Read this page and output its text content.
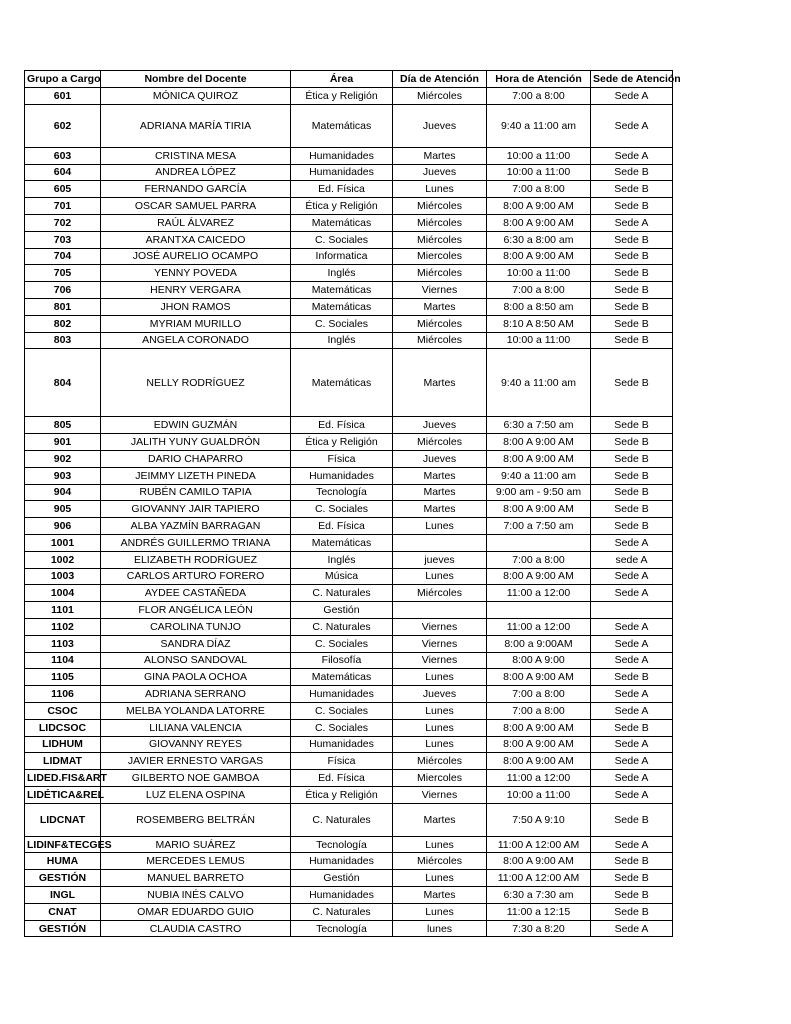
Grupo a Cargo	Nombre del Docente	Área	Día de Atención	Hora de Atención	Sede de Atención
601	MÓNICA QUIROZ	Ética y Religión	Miércoles	7:00 a 8:00	Sede A
602	ADRIANA MARÍA TIRIA	Matemáticas	Jueves	9:40 a 11:00 am	Sede A
603	CRISTINA MESA	Humanidades	Martes	10:00 a 11:00	Sede A
604	ANDREA LÓPEZ	Humanidades	Jueves	10:00 a 11:00	Sede B
605	FERNANDO GARCÍA	Ed. Física	Lunes	7:00 a 8:00	Sede B
701	OSCAR SAMUEL PARRA	Ética y Religión	Miércoles	8:00 A 9:00 AM	Sede B
702	RAÚL ÁLVAREZ	Matemáticas	Miércoles	8:00 A 9:00 AM	Sede A
703	ARANTXA CAICEDO	C. Sociales	Miércoles	6:30 a 8:00 am	Sede B
704	JOSÉ AURELIO OCAMPO	Informatica	Miercoles	8:00 A 9:00 AM	Sede B
705	YENNY POVEDA	Inglés	Miércoles	10:00 a 11:00	Sede B
706	HENRY VERGARA	Matemáticas	Viernes	7:00 a 8:00	Sede B
801	JHON RAMOS	Matemáticas	Martes	8:00 a 8:50 am	Sede B
802	MYRIAM MURILLO	C. Sociales	Miércoles	8:10 A 8:50 AM	Sede B
803	ANGELA CORONADO	Inglés	Miércoles	10:00 a 11:00	Sede B
804	NELLY RODRÍGUEZ	Matemáticas	Martes	9:40 a 11:00 am	Sede B
805	EDWIN GUZMÁN	Ed. Física	Jueves	6:30 a 7:50 am	Sede B
901	JALITH YUNY GUALDRÓN	Ética y Religión	Miércoles	8:00 A 9:00 AM	Sede B
902	DARIO CHAPARRO	Física	Jueves	8:00 A 9:00 AM	Sede B
903	JEIMMY LIZETH PINEDA	Humanidades	Martes	9:40 a 11:00 am	Sede B
904	RUBÉN CAMILO TAPIA	Tecnología	Martes	9:00 am - 9:50 am	Sede B
905	GIOVANNY JAIR TAPIERO	C. Sociales	Martes	8:00 A 9:00 AM	Sede B
906	ALBA YAZMÍN BARRAGAN	Ed. Física	Lunes	7:00 a 7:50 am	Sede B
1001	ANDRÉS GUILLERMO TRIANA	Matemáticas			Sede A
1002	ELIZABETH RODRÍGUEZ	Inglés	jueves	7:00 a 8:00	sede A
1003	CARLOS ARTURO FORERO	Música	Lunes	8:00 A 9:00 AM	Sede A
1004	AYDEE CASTAÑEDA	C. Naturales	Miércoles	11:00 a 12:00	Sede A
1101	FLOR ANGÉLICA LEÓN	Gestión			
1102	CAROLINA TUNJO	C. Naturales	Viernes	11:00 a 12:00	Sede A
1103	SANDRA DÍAZ	C. Sociales	Viernes	8:00 a 9:00AM	Sede A
1104	ALONSO SANDOVAL	Filosofía	Viernes	8:00 A 9:00	Sede A
1105	GINA PAOLA OCHOA	Matemáticas	Lunes	8:00 A 9:00 AM	Sede B
1106	ADRIANA SERRANO	Humanidades	Jueves	7:00 a 8:00	Sede A
CSOC	MELBA YOLANDA LATORRE	C. Sociales	Lunes	7:00 a 8:00	Sede A
LIDCSOC	LILIANA VALENCIA	C. Sociales	Lunes	8:00 A 9:00 AM	Sede B
LIDHUM	GIOVANNY REYES	Humanidades	Lunes	8:00 A 9:00 AM	Sede A
LIDMAT	JAVIER ERNESTO VARGAS	Física	Miércoles	8:00 A 9:00 AM	Sede A
LIDED.FIS&ART	GILBERTO NOE GAMBOA	Ed. Física	Miercoles	11:00 a 12:00	Sede A
LIDÉTICA&REL	LUZ ELENA OSPINA	Ética y Religión	Viernes	10:00 a 11:00	Sede A
LIDCNAT	ROSEMBERG BELTRÁN	C. Naturales	Martes	7:50 A 9:10	Sede B
LIDINF&TECGES	MARIO SUÁREZ	Tecnología	Lunes	11:00 A 12:00 AM	Sede A
HUMA	MERCEDES LEMUS	Humanidades	Miércoles	8:00 A 9:00 AM	Sede B
GESTIÓN	MANUEL BARRETO	Gestión	Lunes	11:00 A 12:00 AM	Sede B
INGL	NUBIA INÉS CALVO	Humanidades	Martes	6:30 a 7:30 am	Sede B
CNAT	OMAR EDUARDO GUIO	C. Naturales	Lunes	11:00 a 12:15	Sede B
GESTIÓN	CLAUDIA CASTRO	Tecnología	lunes	7:30 a 8:20	Sede A
